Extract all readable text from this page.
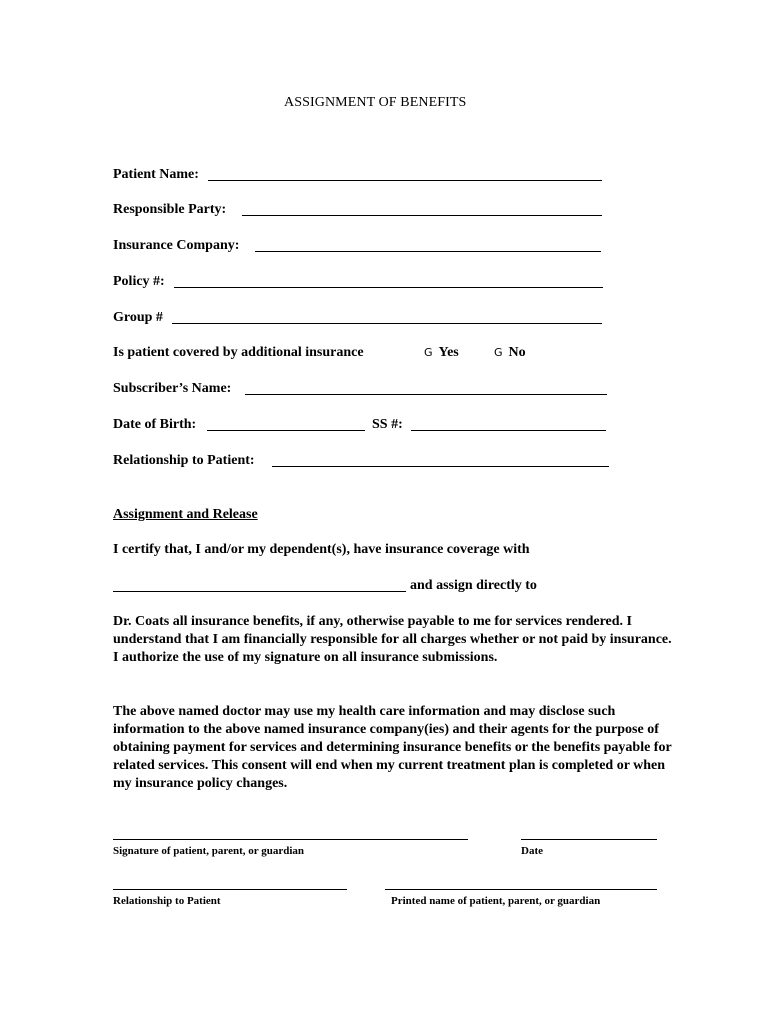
ASSIGNMENT OF BENEFITS
Patient Name:
Responsible Party:
Insurance Company:
Policy #:
Group #
Is patient covered by additional insurance	G Yes	G No
Subscriber’s Name:
Date of Birth:	SS #:
Relationship to Patient:
Assignment and Release
I certify that, I and/or my dependent(s), have insurance coverage with
and assign directly to

Dr. Coats all insurance benefits, if any, otherwise payable to me for services rendered. I understand that I am financially responsible for all charges whether or not paid by insurance. I authorize the use of my signature on all insurance submissions.

The above named doctor may use my health care information and may disclose such information to the above named insurance company(ies) and their agents for the purpose of obtaining payment for services and determining insurance benefits or the benefits payable for related services. This consent will end when my current treatment plan is completed or when my insurance policy changes.

Signature of patient, parent, or guardian	Date
Relationship to Patient	Printed name of patient, parent, or guardian
